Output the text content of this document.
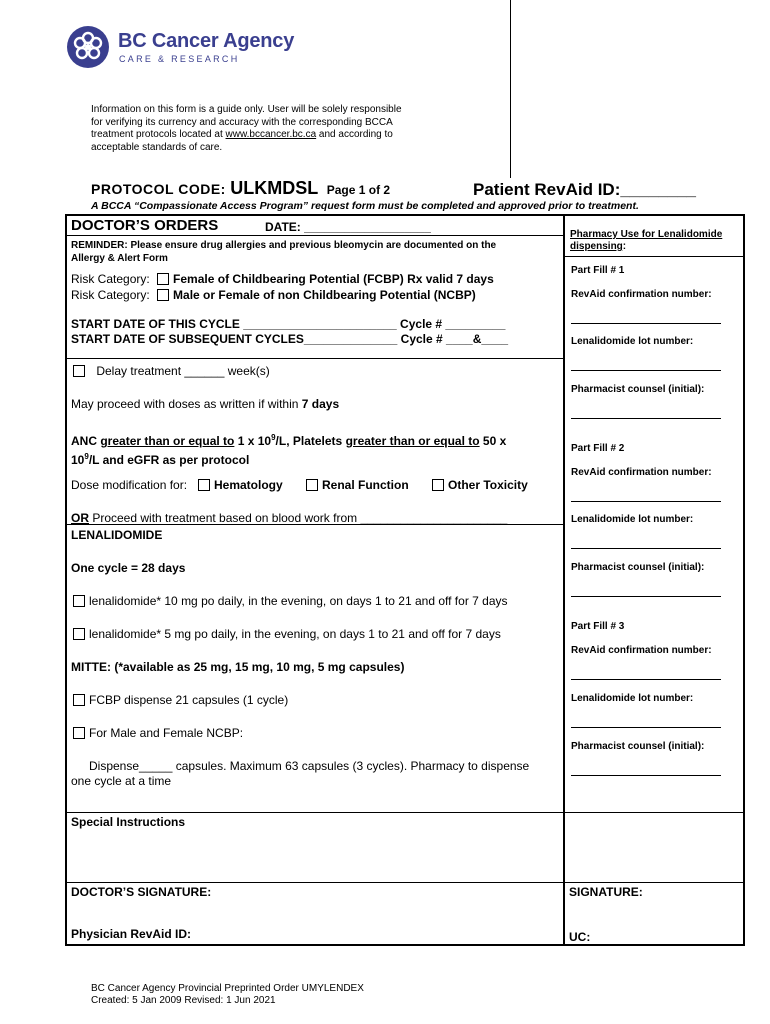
BC Cancer Agency
CARE & RESEARCH
Information on this form is a guide only. User will be solely responsible
for verifying its currency and accuracy with the corresponding BCCA
treatment protocols located at www.bccancer.bc.ca and according to
acceptable standards of care.
PROTOCOL CODE: ULKMDSL Page 1 of 2	Patient RevAid ID:________
A BCCA “Compassionate Access Program” request form must be completed and approved prior to treatment.
DOCTOR’S ORDERS	DATE: ___________________
REMINDER: Please ensure drug allergies and previous bleomycin are documented on the
Allergy & Alert Form
Risk Category: Female of Childbearing Potential (FCBP) Rx valid 7 days
Risk Category: Male or Female of non Childbearing Potential (NCBP)
START DATE OF THIS CYCLE _______________________ Cycle # _________
START DATE OF SUBSEQUENT CYCLES______________ Cycle # ____&____
Delay treatment ______ week(s)
May proceed with doses as written if within 7 days
ANC greater than or equal to 1 x $10^9/L$, Platelets greater than or equal to 50 x
$10^9/L$ and eGFR as per protocol
Dose modification for:	Hematology	Renal Function	Other Toxicity
OR Proceed with treatment based on blood work from ______________________
LENALIDOMIDE
One cycle = 28 days
lenalidomide* 10 mg po daily, in the evening, on days 1 to 21 and off for 7 days
lenalidomide* 5 mg po daily, in the evening, on days 1 to 21 and off for 7 days
MITTE: (*available as 25 mg, 15 mg, 10 mg, 5 mg capsules)
FCBP dispense 21 capsules (1 cycle)
For Male and Female NCBP:
Dispense_____ capsules. Maximum 63 capsules (3 cycles). Pharmacy to dispense
one cycle at a time
Special Instructions
DOCTOR’S SIGNATURE:
Physician RevAid ID:
SIGNATURE:
UC:
Pharmacy Use for Lenalidomide
dispensing:
Part Fill # 1
RevAid confirmation number:
Lenalidomide lot number:
Pharmacist counsel (initial):
Part Fill # 2
RevAid confirmation number:
Lenalidomide lot number:
Pharmacist counsel (initial):
Part Fill # 3
RevAid confirmation number:
Lenalidomide lot number:
Pharmacist counsel (initial):
BC Cancer Agency Provincial Preprinted Order UMYLENDEX
Created: 5 Jan 2009 Revised: 1 Jun 2021
